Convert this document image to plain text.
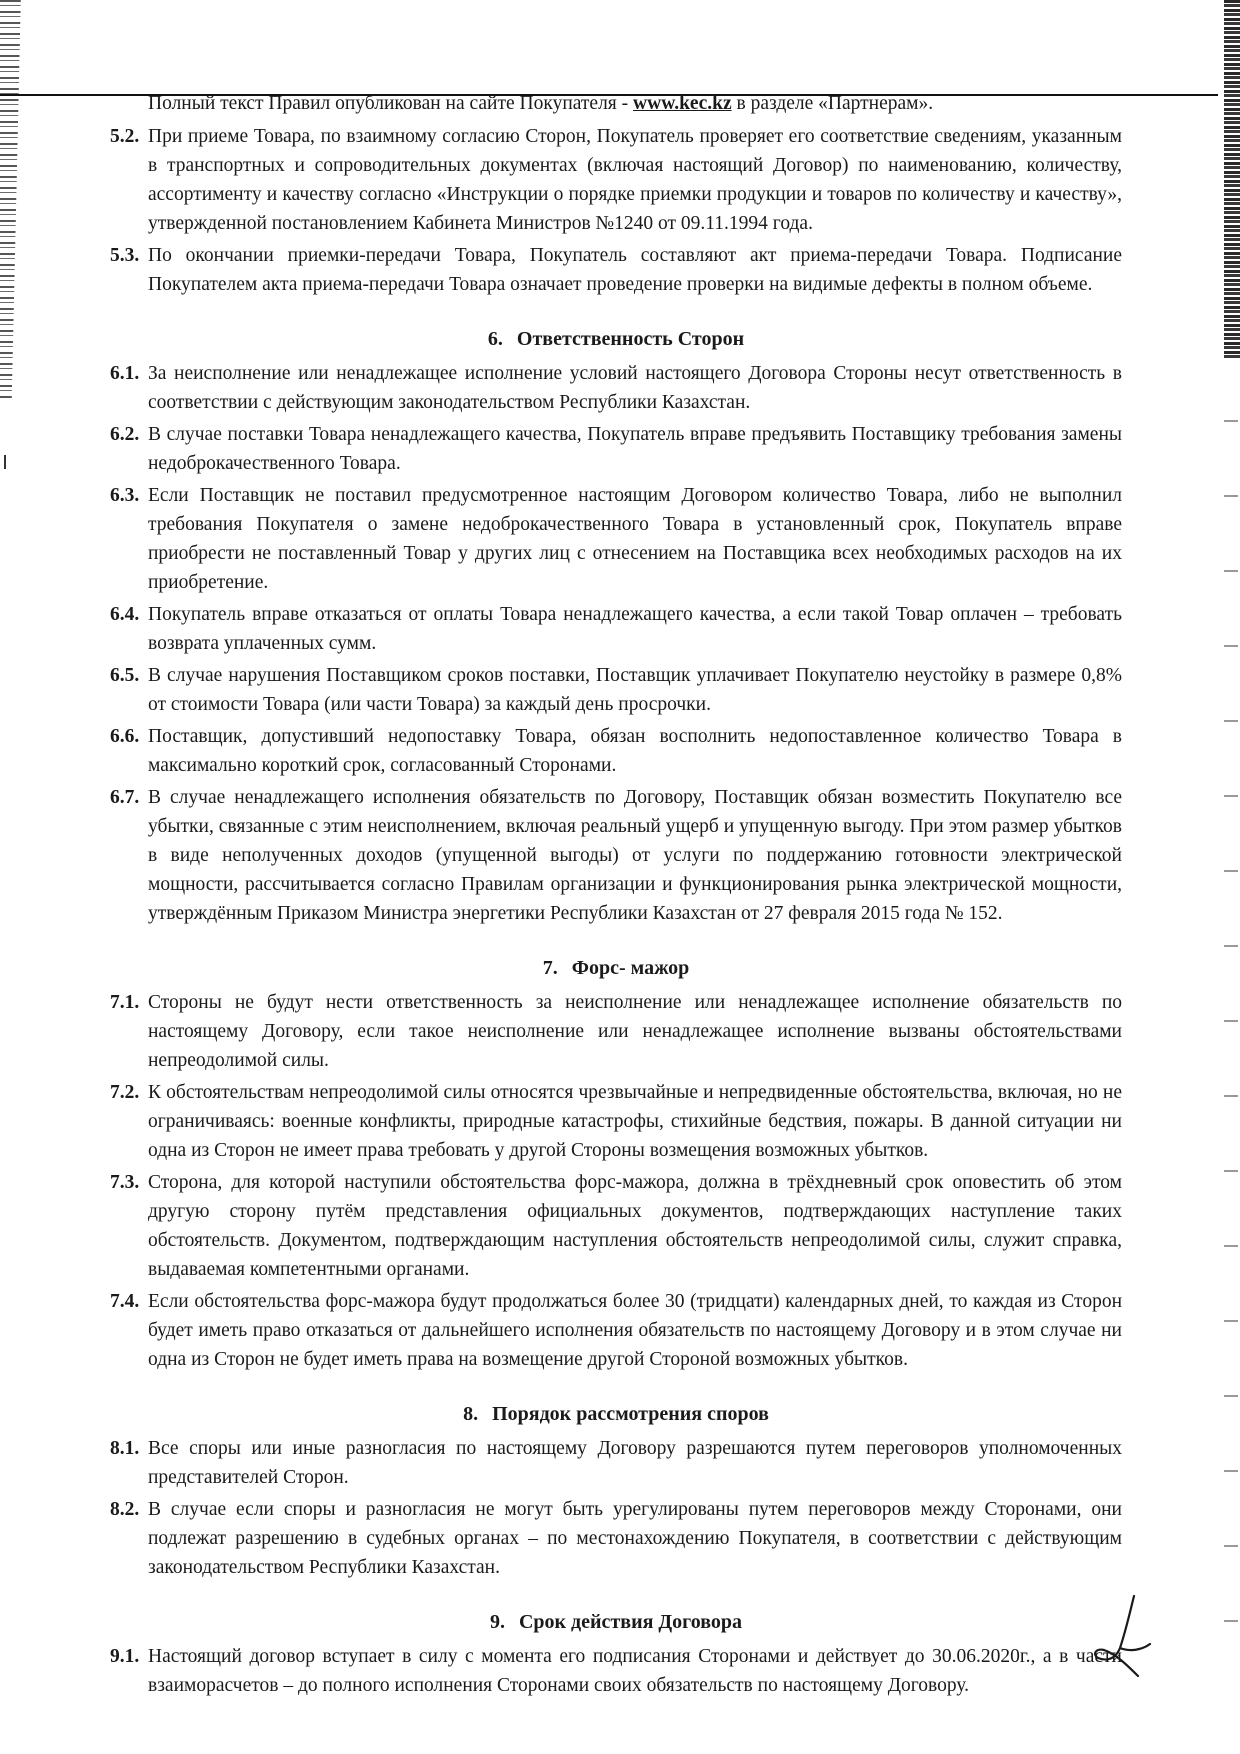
Полный текст Правил опубликован на сайте Покупателя - www.kec.kz в разделе «Партнерам».

5.2. При приеме Товара, по взаимному согласию Сторон, Покупатель проверяет его соответствие сведениям, указанным в транспортных и сопроводительных документах (включая настоящий Договор) по наименованию, количеству, ассортименту и качеству согласно «Инструкции о порядке приемки продукции и товаров по количеству и качеству», утвержденной постановлением Кабинета Министров №1240 от 09.11.1994 года.
5.3. По окончании приемки-передачи Товара, Покупатель составляют акт приема-передачи Товара. Подписание Покупателем акта приема-передачи Товара означает проведение проверки на видимые дефекты в полном объеме.
6. Ответственность Сторон
6.1. За неисполнение или ненадлежащее исполнение условий настоящего Договора Стороны несут ответственность в соответствии с действующим законодательством Республики Казахстан.
6.2. В случае поставки Товара ненадлежащего качества, Покупатель вправе предъявить Поставщику требования замены недоброкачественного Товара.
6.3. Если Поставщик не поставил предусмотренное настоящим Договором количество Товара, либо не выполнил требования Покупателя о замене недоброкачественного Товара в установленный срок, Покупатель вправе приобрести не поставленный Товар у других лиц с отнесением на Поставщика всех необходимых расходов на их приобретение.
6.4. Покупатель вправе отказаться от оплаты Товара ненадлежащего качества, а если такой Товар оплачен – требовать возврата уплаченных сумм.
6.5. В случае нарушения Поставщиком сроков поставки, Поставщик уплачивает Покупателю неустойку в размере 0,8% от стоимости Товара (или части Товара) за каждый день просрочки.
6.6. Поставщик, допустивший недопоставку Товара, обязан восполнить недопоставленное количество Товара в максимально короткий срок, согласованный Сторонами.
6.7. В случае ненадлежащего исполнения обязательств по Договору, Поставщик обязан возместить Покупателю все убытки, связанные с этим неисполнением, включая реальный ущерб и упущенную выгоду. При этом размер убытков в виде неполученных доходов (упущенной выгоды) от услуги по поддержанию готовности электрической мощности, рассчитывается согласно Правилам организации и функционирования рынка электрической мощности, утверждённым Приказом Министра энергетики Республики Казахстан от 27 февраля 2015 года № 152.
7. Форс- мажор
7.1. Стороны не будут нести ответственность за неисполнение или ненадлежащее исполнение обязательств по настоящему Договору, если такое неисполнение или ненадлежащее исполнение вызваны обстоятельствами непреодолимой силы.
7.2. К обстоятельствам непреодолимой силы относятся чрезвычайные и непредвиденные обстоятельства, включая, но не ограничиваясь: военные конфликты, природные катастрофы, стихийные бедствия, пожары. В данной ситуации ни одна из Сторон не имеет права требовать у другой Стороны возмещения возможных убытков.
7.3. Сторона, для которой наступили обстоятельства форс-мажора, должна в трёхдневный срок оповестить об этом другую сторону путём представления официальных документов, подтверждающих наступление таких обстоятельств. Документом, подтверждающим наступления обстоятельств непреодолимой силы, служит справка, выдаваемая компетентными органами.
7.4. Если обстоятельства форс-мажора будут продолжаться более 30 (тридцати) календарных дней, то каждая из Сторон будет иметь право отказаться от дальнейшего исполнения обязательств по настоящему Договору и в этом случае ни одна из Сторон не будет иметь права на возмещение другой Стороной возможных убытков.
8. Порядок рассмотрения споров
8.1. Все споры или иные разногласия по настоящему Договору разрешаются путем переговоров уполномоченных представителей Сторон.
8.2. В случае если споры и разногласия не могут быть урегулированы путем переговоров между Сторонами, они подлежат разрешению в судебных органах – по местонахождению Покупателя, в соответствии с действующим законодательством Республики Казахстан.
9. Срок действия Договора
9.1. Настоящий договор вступает в силу с момента его подписания Сторонами и действует до 30.06.2020г., а в части взаиморасчетов – до полного исполнения Сторонами своих обязательств по настоящему Договору.
